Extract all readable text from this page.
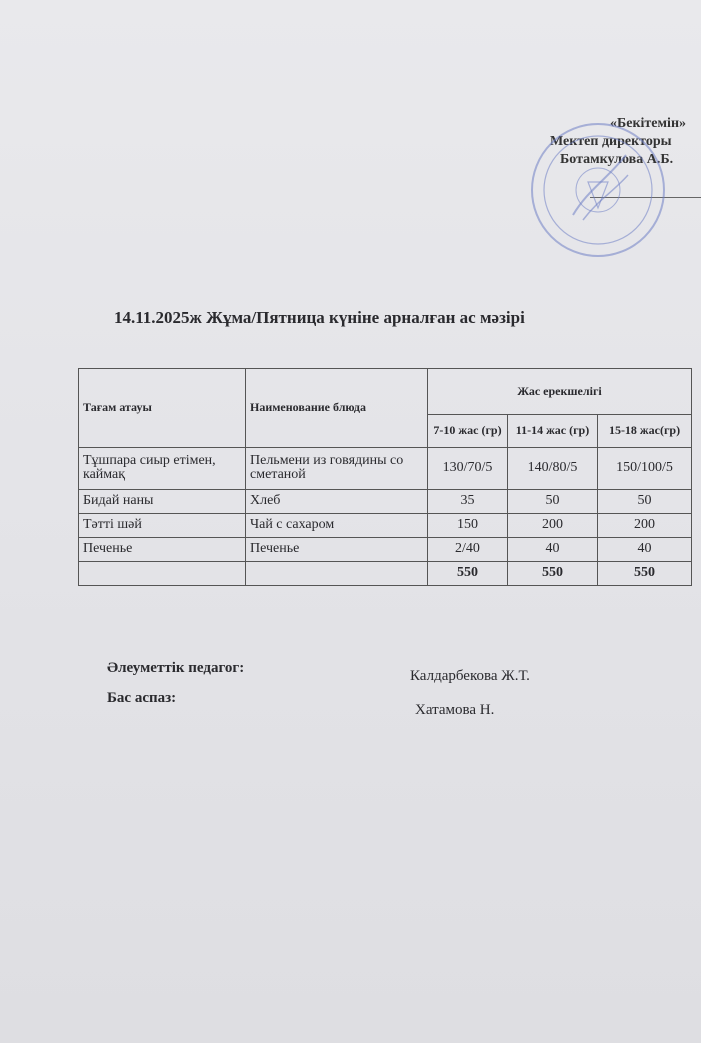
«Бекітемін»
Мектеп директоры
Ботамкулова А.Б.
14.11.2025ж Жұма/Пятница күніне арналған ас мәзірі
Тағам атауы	Наименование блюда	Жас ерекшелігі		
		7-10 жас (гр)	11-14 жас (гр)	15-18 жас(гр)
Тұшпара сиыр етімен, каймақ	Пельмени из говядины со сметаной	130/70/5	140/80/5	150/100/5
Бидай наны	Хлеб	35	50	50
Тәтті шәй	Чай с сахаром	150	200	200
Печенье	Печенье	2/40	40	40
		550	550	550
Әлеуметтік педагог:	Калдарбекова Ж.Т.
Бас аспаз:
Хатамова Н.
